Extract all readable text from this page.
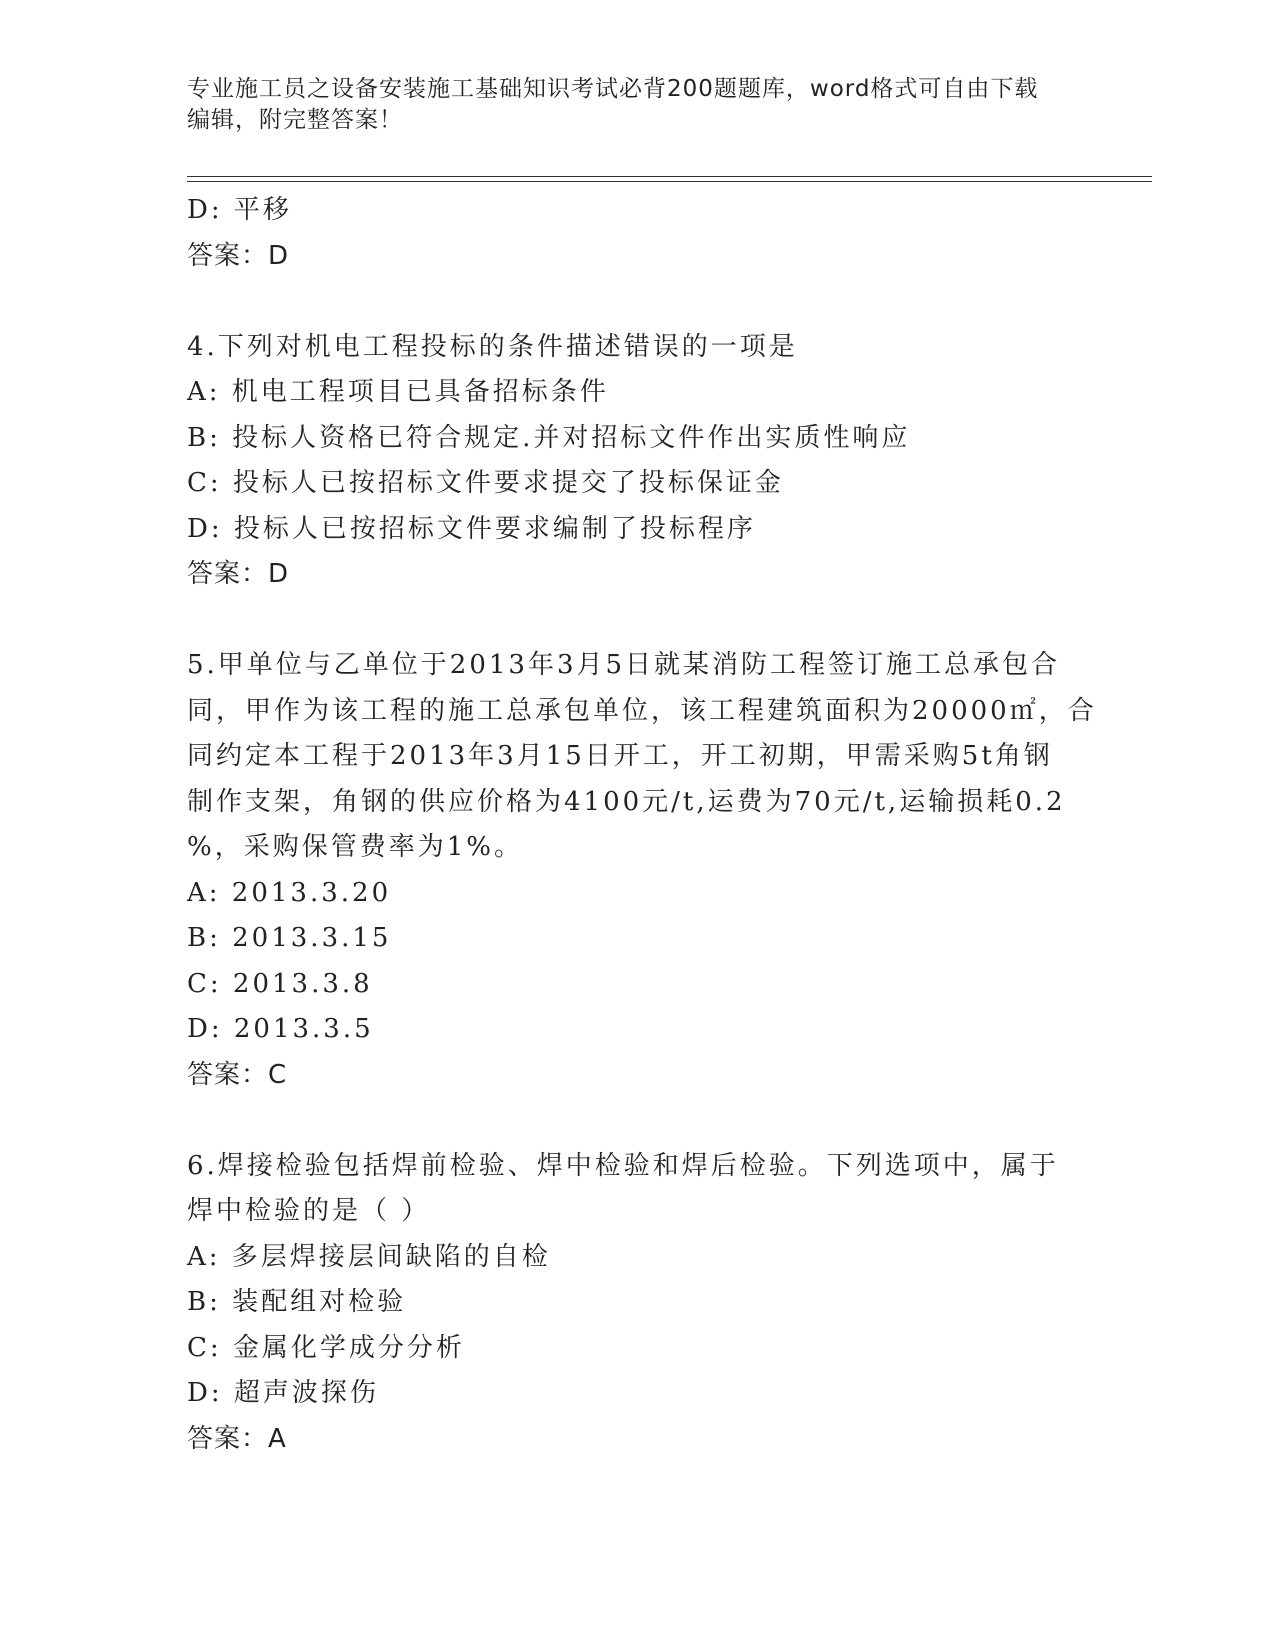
专业施工员之设备安装施工基础知识考试必背200题题库，word格式可自由下载
编辑，附完整答案！
D: 平移
答案：D
4.下列对机电工程投标的条件描述错误的一项是
A: 机电工程项目已具备招标条件
B: 投标人资格已符合规定.并对招标文件作出实质性响应
C: 投标人已按招标文件要求提交了投标保证金
D: 投标人已按招标文件要求编制了投标程序
答案：D
5.甲单位与乙单位于2013年3月5日就某消防工程签订施工总承包合
同，甲作为该工程的施工总承包单位，该工程建筑面积为20000㎡，合
同约定本工程于2013年3月15日开工，开工初期，甲需采购5t角钢
制作支架，角钢的供应价格为4100元/t,运费为70元/t,运输损耗0.2
%，采购保管费率为1%。
A: 2013.3.20
B: 2013.3.15
C: 2013.3.8
D: 2013.3.5
答案：C
6.焊接检验包括焊前检验、焊中检验和焊后检验。下列选项中，属于
焊中检验的是（ ）
A: 多层焊接层间缺陷的自检
B: 装配组对检验
C: 金属化学成分分析
D: 超声波探伤
答案：A
